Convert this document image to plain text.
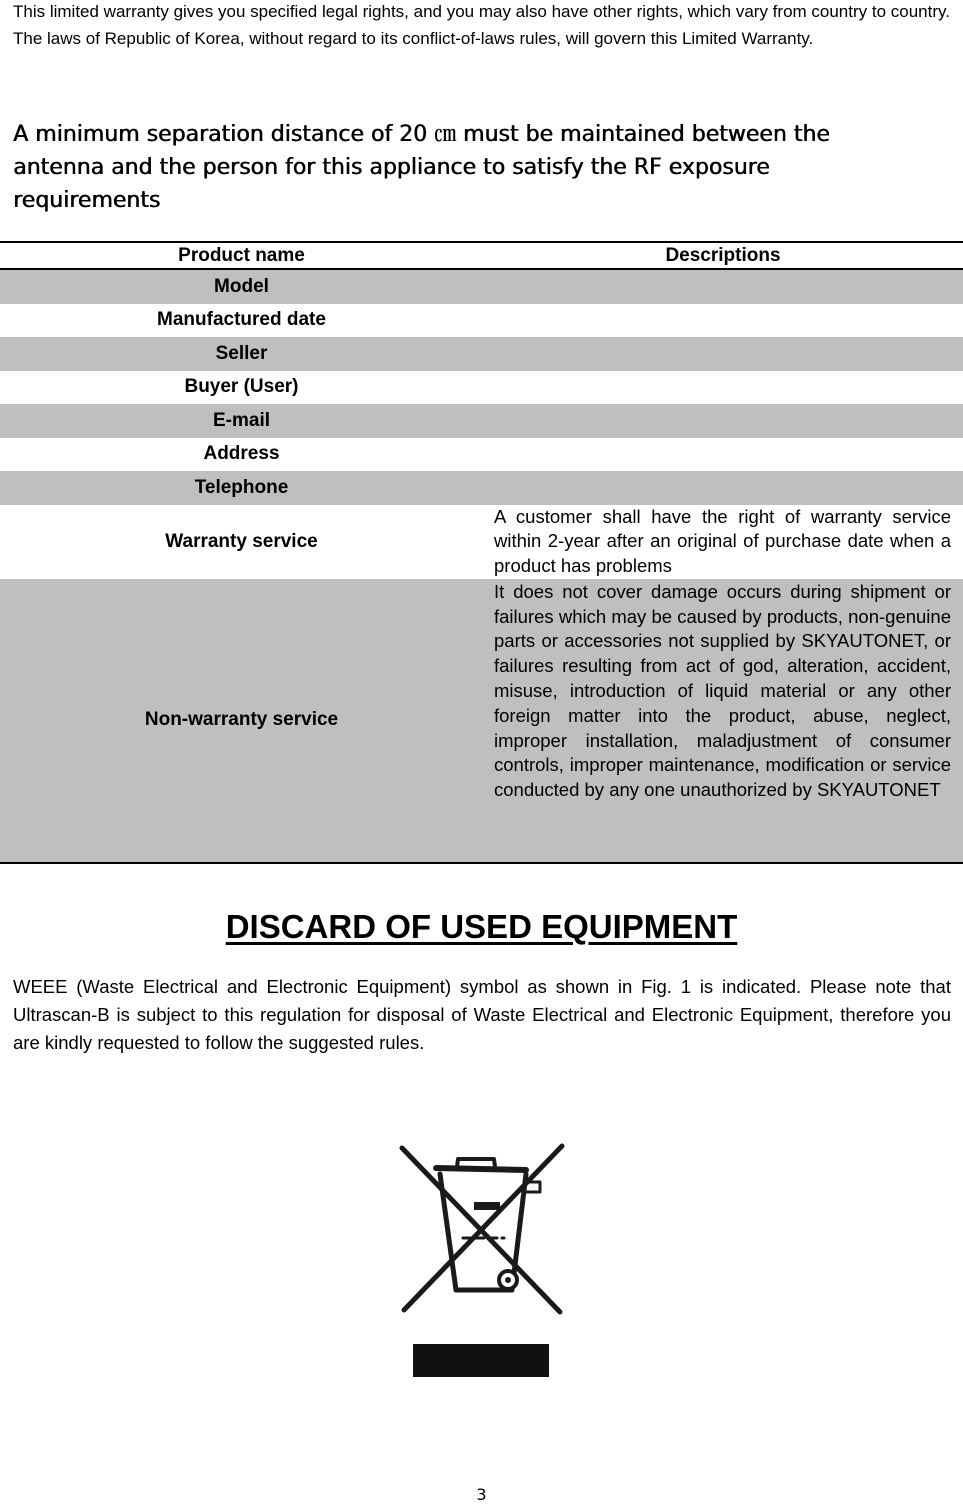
This limited warranty gives you specified legal rights, and you may also have other rights, which vary from country to country. The laws of Republic of Korea, without regard to its conflict-of-laws rules, will govern this Limited Warranty.

A minimum separation distance of 20 ㎝ must be maintained between the antenna and the person for this appliance to satisfy the RF exposure requirements

Product name	Descriptions
Model	
Manufactured date	
Seller	
Buyer (User)	
E-mail	
Address	
Telephone	
Warranty service	A customer shall have the right of warranty service within 2-year after an original of purchase date when a product has problems
Non-warranty service	It does not cover damage occurs during shipment or failures which may be caused by products, non-genuine parts or accessories not supplied by SKYAUTONET, or failures resulting from act of god, alteration, accident, misuse, introduction of liquid material or any other foreign matter into the product, abuse, neglect, improper installation, maladjustment of consumer controls, improper maintenance, modification or service conducted by any one unauthorized by SKYAUTONET
DISCARD OF USED EQUIPMENT

WEEE (Waste Electrical and Electronic Equipment) symbol as shown in Fig. 1 is indicated. Please note that Ultrascan-B is subject to this regulation for disposal of Waste Electrical and Electronic Equipment, therefore you are kindly requested to follow the suggested rules.

3
